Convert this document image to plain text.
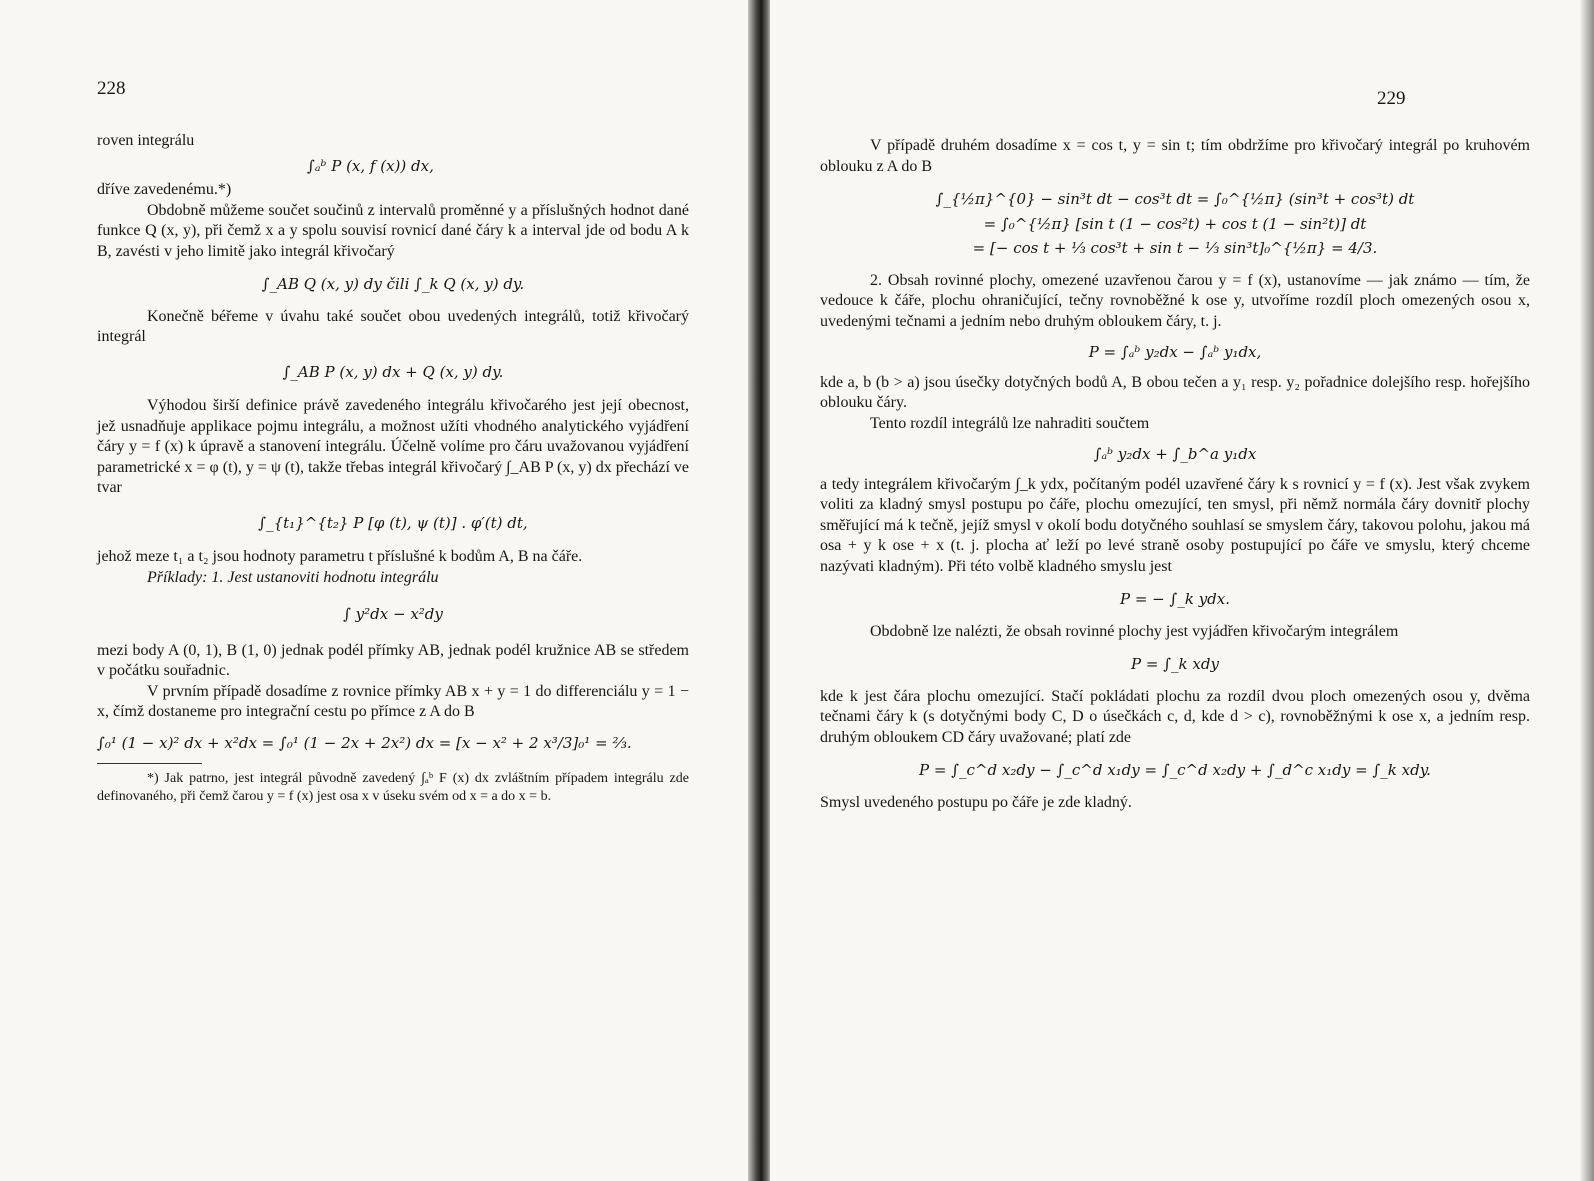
228

roven integrálu

∫ₐᵇ P (x, f (x)) dx,

dříve zavedenému.*)

Obdobně můžeme součet součinů z intervalů proměnné y a příslušných hodnot dané funkce Q (x, y), při čemž x a y spolu souvisí rovnicí dané čáry k a interval jde od bodu A k B, zavésti v jeho limitě jako integrál křivočarý

∫_AB Q (x, y) dy čili ∫_k Q (x, y) dy.

Konečně béřeme v úvahu také součet obou uvedených integrálů, totiž křivočarý integrál

∫_AB P (x, y) dx + Q (x, y) dy.

Výhodou širší definice právě zavedeného integrálu křivočarého jest její obecnost, jež usnadňuje applikace pojmu integrálu, a možnost užíti vhodného analytického vyjádření čáry y = f (x) k úpravě a stanovení integrálu. Účelně volíme pro čáru uvažovanou vyjádření parametrické x = φ (t), y = ψ (t), takže třebas integrál křivočarý ∫_AB P (x, y) dx přechází ve tvar

∫_{t₁}^{t₂} P [φ (t), ψ (t)] . φ′(t) dt,

jehož meze t₁ a t₂ jsou hodnoty parametru t příslušné k bodům A, B na čáře.

Příklady: 1. Jest ustanoviti hodnotu integrálu

∫ y²dx − x²dy

mezi body A (0, 1), B (1, 0) jednak podél přímky AB, jednak podél kružnice AB se středem v počátku souřadnic.

V prvním případě dosadíme z rovnice přímky AB x + y = 1 do differenciálu y = 1 − x, čímž dostaneme pro integrační cestu po přímce z A do B

∫₀¹ (1 − x)² dx + x²dx = ∫₀¹ (1 − 2x + 2x²) dx = [x − x² + 2 x³/3]₀¹ = ⅔.

*) Jak patrno, jest integrál původně zavedený ∫ₐᵇ F (x) dx zvláštním případem integrálu zde definovaného, při čemž čarou y = f (x) jest osa x v úseku svém od x = a do x = b.

229

V případě druhém dosadíme x = cos t, y = sin t; tím obdržíme pro křivočarý integrál po kruhovém oblouku z A do B

∫_{½π}^{0} − sin³t dt − cos³t dt = ∫₀^{½π} (sin³t + cos³t) dt
= ∫₀^{½π} [sin t (1 − cos²t) + cos t (1 − sin²t)] dt
= [− cos t + ⅓ cos³t + sin t − ⅓ sin³t]₀^{½π} = 4/3.

2. Obsah rovinné plochy, omezené uzavřenou čarou y = f (x), ustanovíme — jak známo — tím, že vedouce k čáře, plochu ohraničující, tečny rovnoběžné k ose y, utvoříme rozdíl ploch omezených osou x, uvedenými tečnami a jedním nebo druhým obloukem čáry, t. j.

P = ∫ₐᵇ y₂dx − ∫ₐᵇ y₁dx,

kde a, b (b > a) jsou úsečky dotyčných bodů A, B obou tečen a y₁ resp. y₂ pořadnice dolejšího resp. hořejšího oblouku čáry.

Tento rozdíl integrálů lze nahraditi součtem

∫ₐᵇ y₂dx + ∫_b^a y₁dx

a tedy integrálem křivočarým ∫_k ydx, počítaným podél uzavřené čáry k s rovnicí y = f (x). Jest však zvykem voliti za kladný smysl postupu po čáře, plochu omezující, ten smysl, při němž normála čáry dovnitř plochy směřující má k tečně, jejíž smysl v okolí bodu dotyčného souhlasí se smyslem čáry, takovou polohu, jakou má osa + y k ose + x (t. j. plocha ať leží po levé straně osoby postupující po čáře ve smyslu, který chceme nazývati kladným). Při této volbě kladného smyslu jest

P = − ∫_k ydx.

Obdobně lze nalézti, že obsah rovinné plochy jest vyjádřen křivočarým integrálem

P = ∫_k xdy

kde k jest čára plochu omezující. Stačí pokládati plochu za rozdíl dvou ploch omezených osou y, dvěma tečnami čáry k (s dotyčnými body C, D o úsečkách c, d, kde d > c), rovnoběžnými k ose x, a jedním resp. druhým obloukem CD čáry uvažované; platí zde

P = ∫_c^d x₂dy − ∫_c^d x₁dy = ∫_c^d x₂dy + ∫_d^c x₁dy = ∫_k xdy.

Smysl uvedeného postupu po čáře je zde kladný.
